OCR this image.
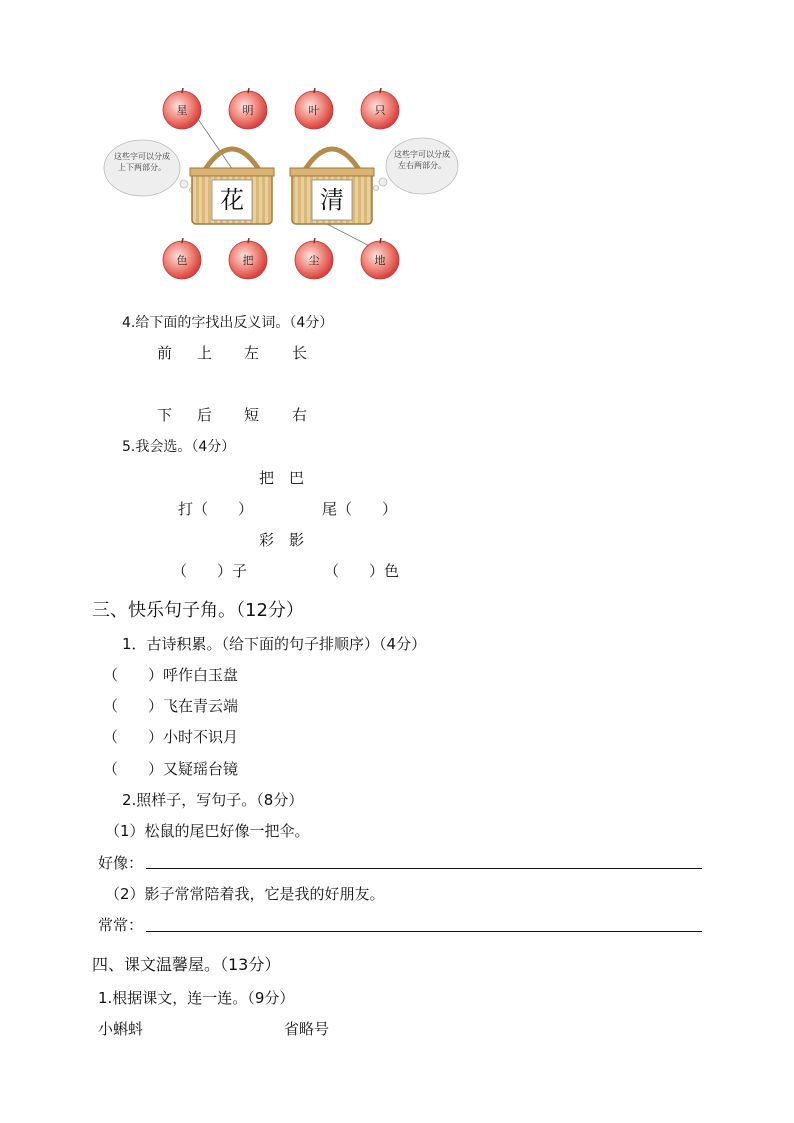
星	明	叶	只
色	把	尘	地
花	清
这些字可以分成上下两部分。
这些字可以分成左右两部分。
4.给下面的字找出反义词。（4分）
前 上 左 长
下 后 短 右
5.我会选。（4分）
把　巴
打（　　）	尾（　　）
彩　影
（　　）子	（　　）色
三、快乐句子角。（12分）
1．古诗积累。（给下面的句子排顺序）（4分）
（　　）呼作白玉盘
（　　）飞在青云端
（　　）小时不识月
（　　）又疑瑶台镜
2.照样子，写句子。（8分）
（1）松鼠的尾巴好像一把伞。
好像：
（2）影子常常陪着我，它是我的好朋友。
常常：
四、课文温馨屋。（13分）
1.根据课文，连一连。（9分）
小蝌蚪	省略号
